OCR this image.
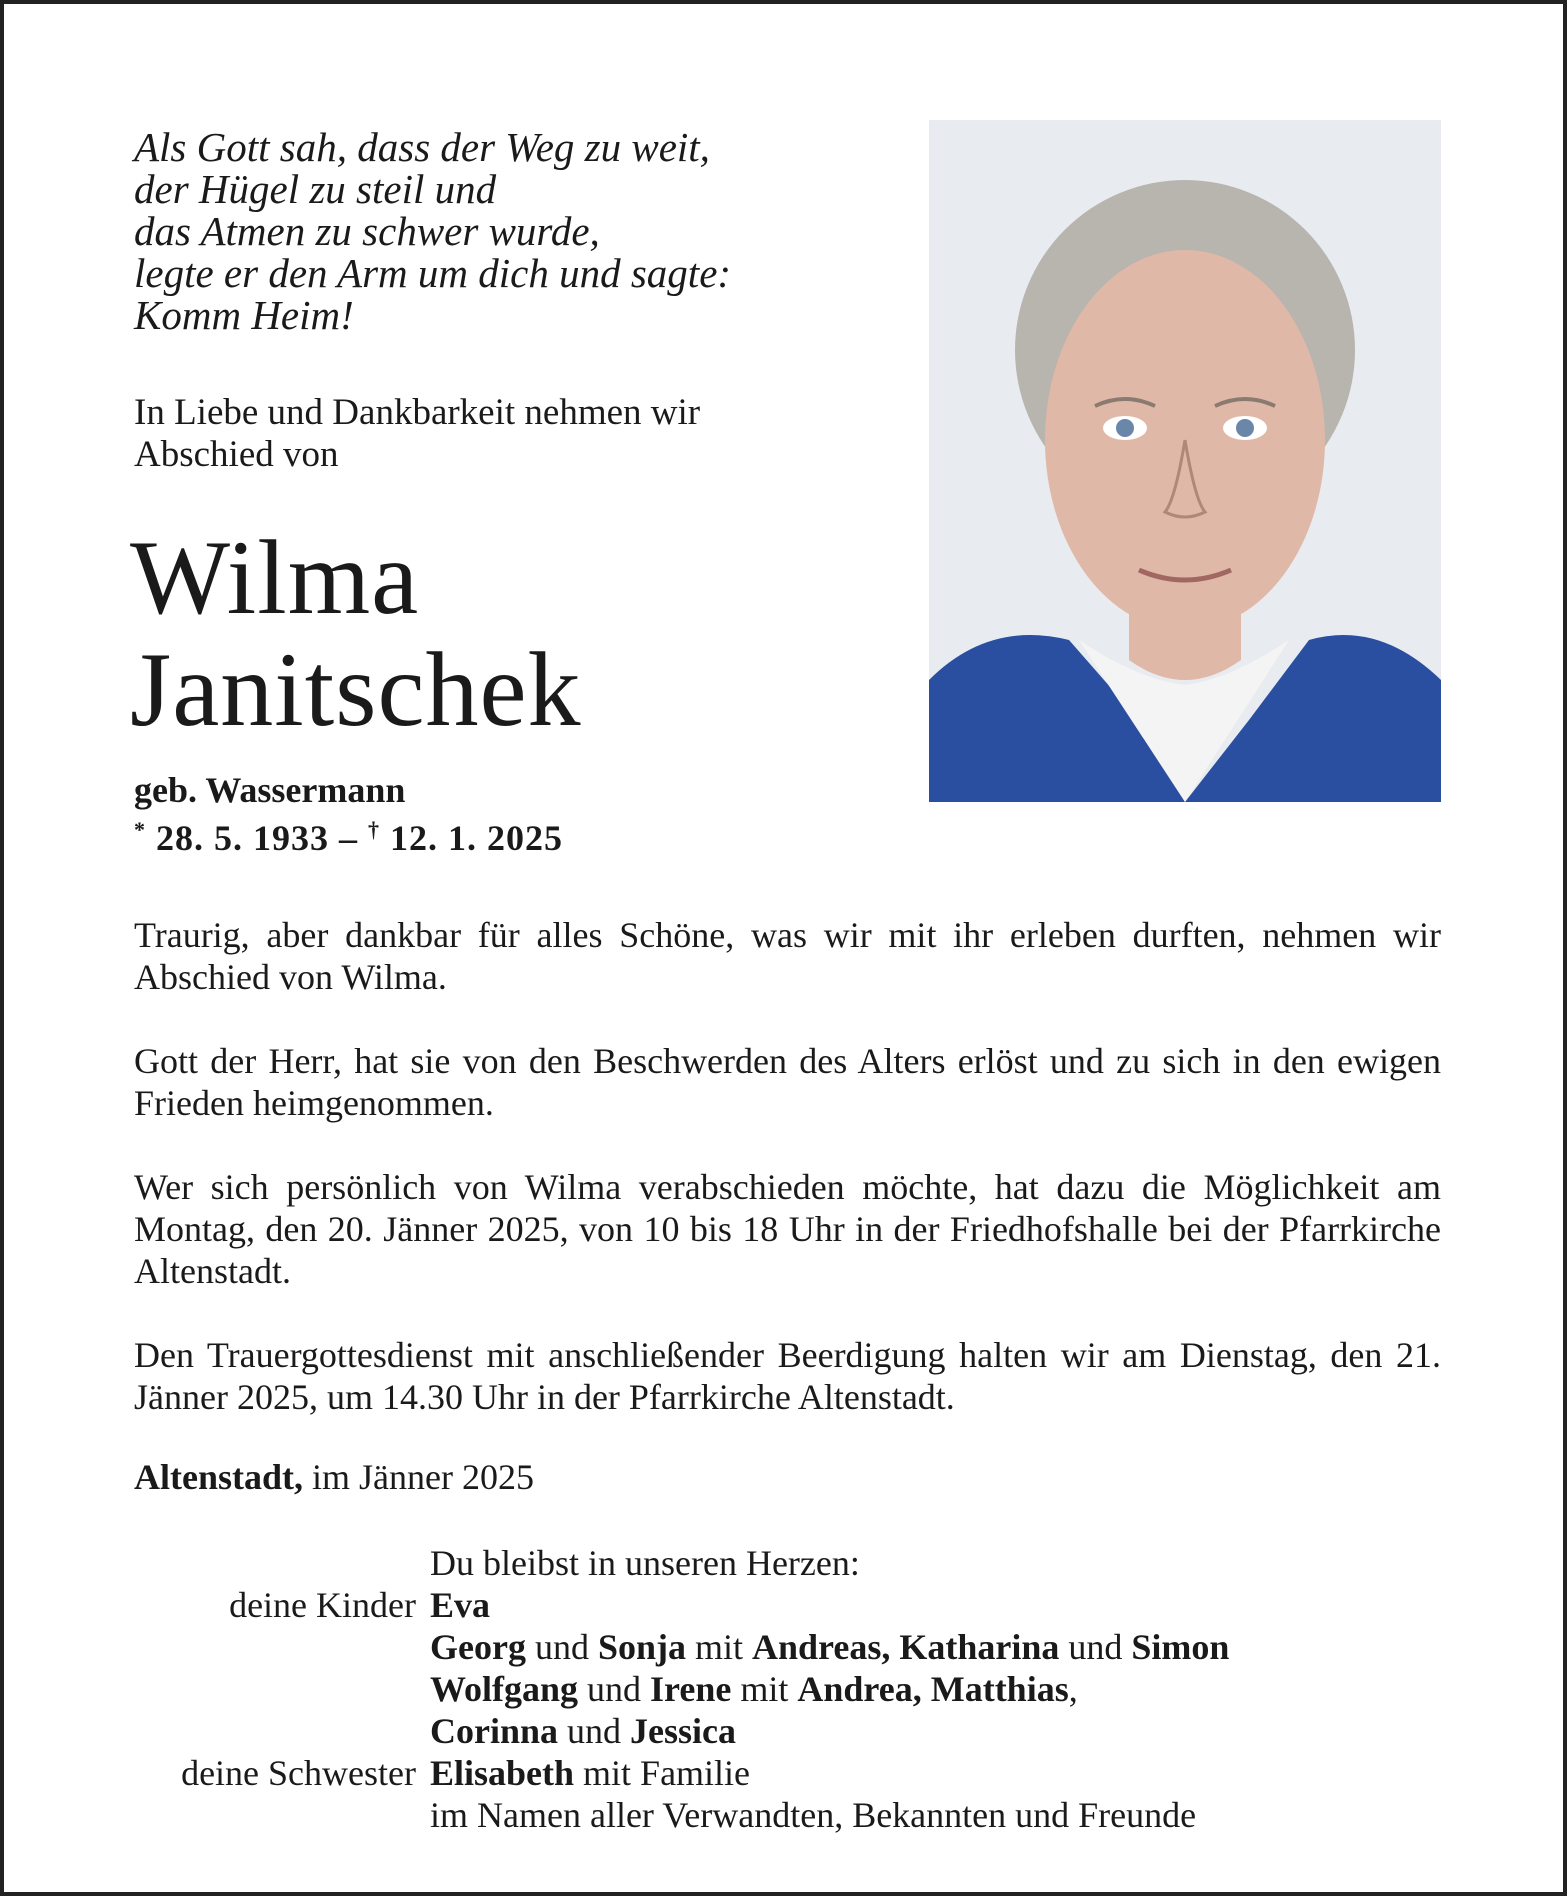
Als Gott sah, dass der Weg zu weit,
der Hügel zu steil und
das Atmen zu schwer wurde,
legte er den Arm um dich und sagte:
Komm Heim!
In Liebe und Dankbarkeit nehmen wir
Abschied von
Wilma
Janitschek
geb. Wassermann
* 28. 5. 1933 – † 12. 1. 2025

Traurig, aber dankbar für alles Schöne, was wir mit ihr erleben durften, nehmen wir Abschied von Wilma.

Gott der Herr, hat sie von den Beschwerden des Alters erlöst und zu sich in den ewigen Frieden heimgenommen.

Wer sich persönlich von Wilma verabschieden möchte, hat dazu die Möglichkeit am Montag, den 20. Jänner 2025, von 10 bis 18 Uhr in der Friedhofshalle bei der Pfarrkirche Altenstadt.

Den Trauergottesdienst mit anschließender Beerdigung halten wir am Dienstag, den 21. Jänner 2025, um 14.30 Uhr in der Pfarrkirche Altenstadt.

Altenstadt, im Jänner 2025
Du bleibst in unseren Herzen:
deine Kinder Eva
Georg und Sonja mit Andreas, Katharina und Simon
Wolfgang und Irene mit Andrea, Matthias,
Corinna und Jessica
deine Schwester Elisabeth mit Familie
im Namen aller Verwandten, Bekannten und Freunde
